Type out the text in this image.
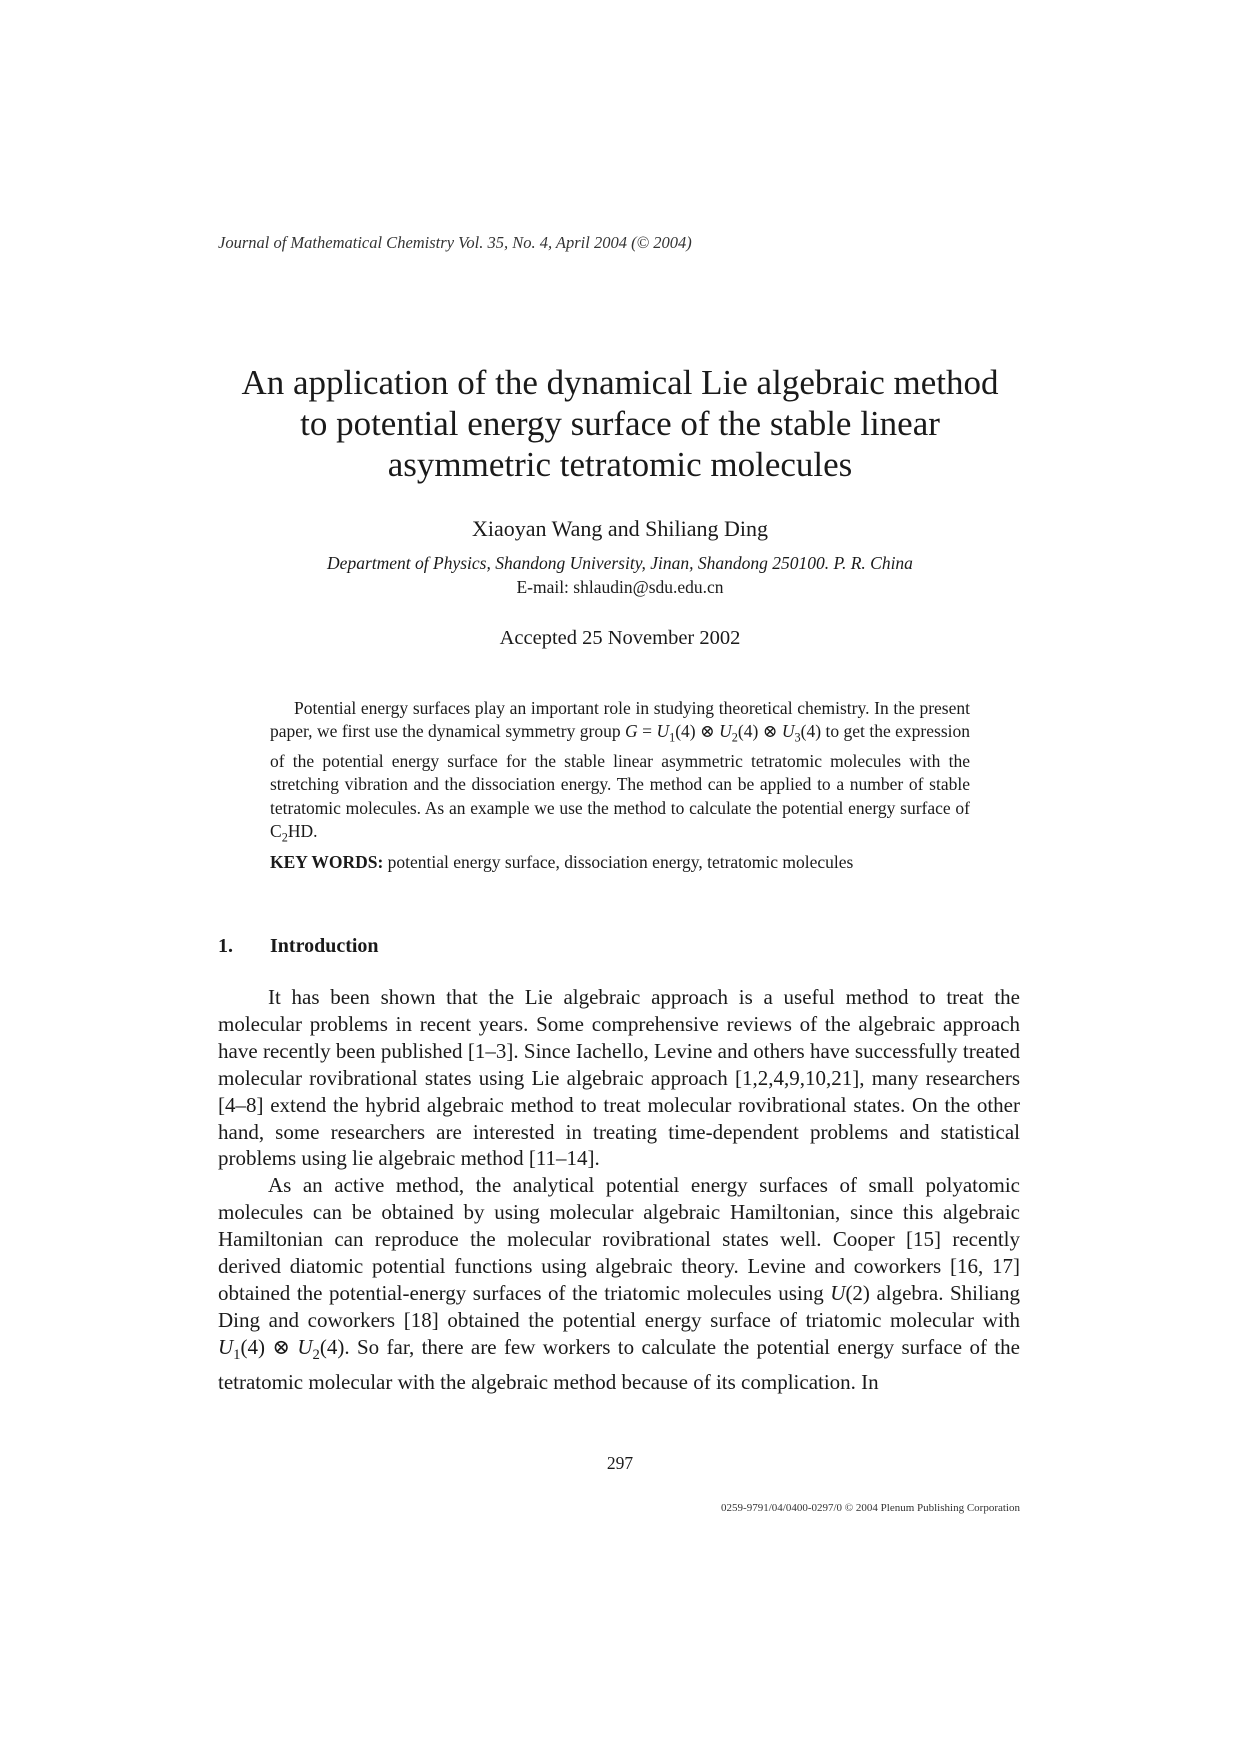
Journal of Mathematical Chemistry Vol. 35, No. 4, April 2004 (© 2004)
An application of the dynamical Lie algebraic method
to potential energy surface of the stable linear
asymmetric tetratomic molecules
Xiaoyan Wang and Shiliang Ding
Department of Physics, Shandong University, Jinan, Shandong 250100. P. R. China
E-mail: shlaudin@sdu.edu.cn
Accepted 25 November 2002

Potential energy surfaces play an important role in studying theoretical chemistry. In the present paper, we first use the dynamical symmetry group $G = U_1(4)$ ⊗ $U_2(4)$ ⊗ $U_3(4)$ to get the expression of the potential energy surface for the stable linear asymmetric tetratomic molecules with the stretching vibration and the dissociation energy. The method can be applied to a number of stable tetratomic molecules. As an example we use the method to calculate the potential energy surface of $C_2HD$.

KEY WORDS: potential energy surface, dissociation energy, tetratomic molecules

1. Introduction

It has been shown that the Lie algebraic approach is a useful method to treat the molecular problems in recent years. Some comprehensive reviews of the algebraic approach have recently been published [1–3]. Since Iachello, Levine and others have successfully treated molecular rovibrational states using Lie algebraic approach [1,2,4,9,10,21], many researchers [4–8] extend the hybrid algebraic method to treat molecular rovibrational states. On the other hand, some researchers are interested in treating time-dependent problems and statistical problems using lie algebraic method [11–14].

As an active method, the analytical potential energy surfaces of small polyatomic molecules can be obtained by using molecular algebraic Hamiltonian, since this algebraic Hamiltonian can reproduce the molecular rovibrational states well. Cooper [15] recently derived diatomic potential functions using algebraic theory. Levine and coworkers [16, 17] obtained the potential-energy surfaces of the triatomic molecules using U(2) algebra. Shiliang Ding and coworkers [18] obtained the potential energy surface of triatomic molecular with $U_1(4)$ ⊗ $U_2(4)$. So far, there are few workers to calculate the potential energy surface of the tetratomic molecular with the algebraic method because of its complication. In

297
0259-9791/04/0400-0297/0 © 2004 Plenum Publishing Corporation
